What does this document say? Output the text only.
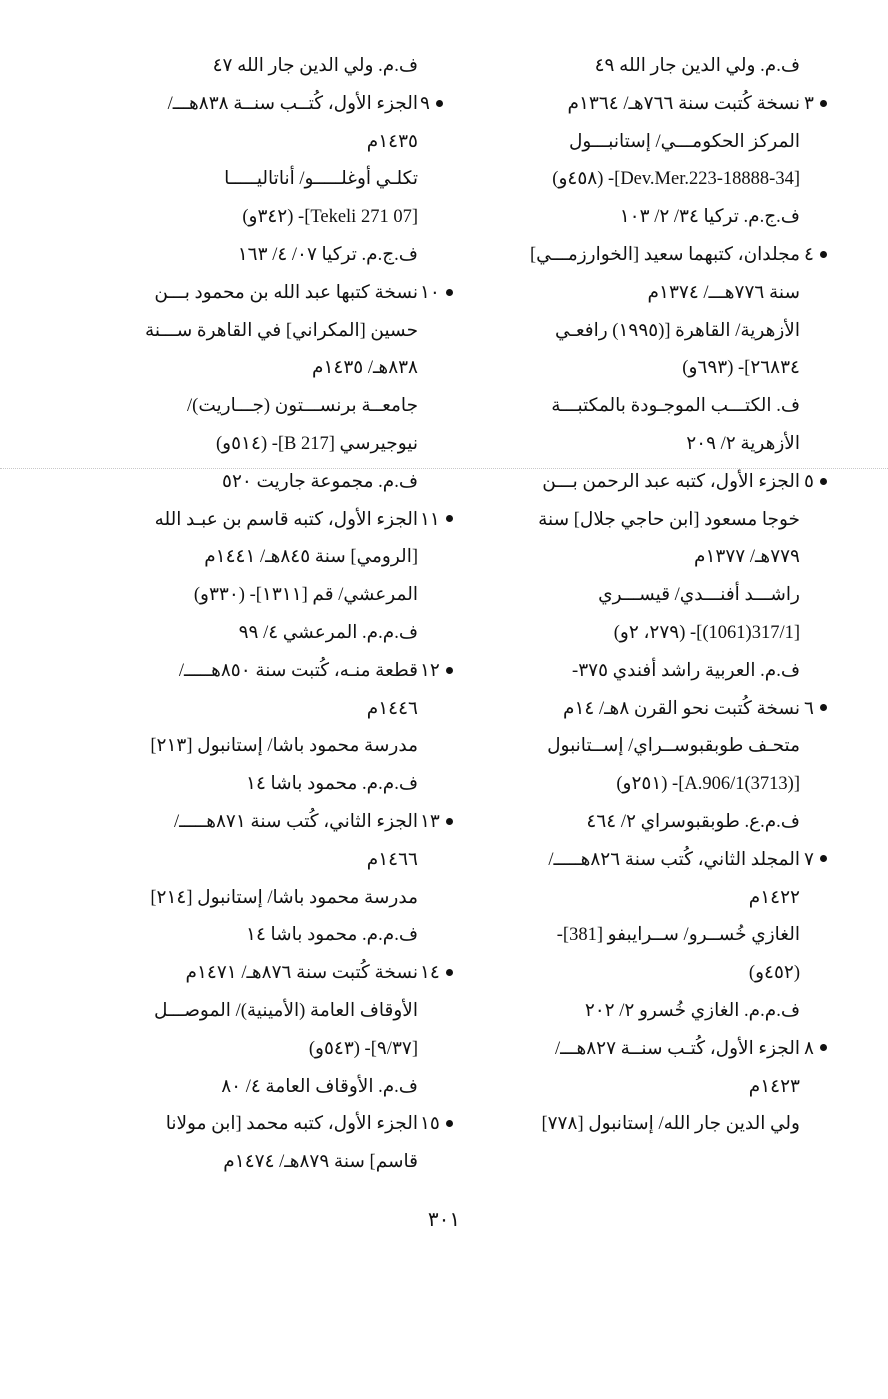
ف.م. ولي الدين جار الله ٤٩
٣
نسخة كُتبت سنة ٧٦٦هـ/ ١٣٦٤م
المركز الحكومـــي/ إستانبـــول
[34-Dev.Mer.223-18888]- (٤٥٨و)
ف.ج.م. تركيا ٣٤/ ٢/ ١٠٣
٤
مجلدان، كتبهما سعيد [الخوارزمـــي]
سنة ٧٧٦هـــ/ ١٣٧٤م
الأزهرية/ القاهرة [(١٩٩٥) رافعـي
٢٦٨٣٤]- (٦٩٣و)
ف. الكتـــب الموجـودة بالمكتبـــة
الأزهرية ٢/ ٢٠٩
٥
الجزء الأول، كتبه عبد الرحمن بـــن
خوجا مسعود [ابن حاجي جلال] سنة
٧٧٩هـ/ ١٣٧٧م
راشـــد أفنـــدي/ قيســـري
[317/1(1061)]- (٢٧٩، ٢و)
ف.م. العربية راشد أفندي ٣٧٥-
٦
نسخة كُتبت نحو القرن ٨هـ/ ١٤م
متحـف طوبقبوســراي/ إســتانبول
[A.906/1(3713)]- (٢٥١و)
ف.م.ع. طوبقبوسراي ٢/ ٤٦٤
٧
المجلد الثاني، كُتب سنة ٨٢٦هـــــ/
١٤٢٢م
الغازي خُســرو/ ســرايبفو [381]-
(٤٥٢و)
ف.م.م. الغازي خُسرو ٢/ ٢٠٢
٨
الجزء الأول، كُتـب سنــة ٨٢٧هـــ/
١٤٢٣م
ولي الدين جار الله/ إستانبول [٧٧٨]
ف.م. ولي الدين جار الله ٤٧
٩
الجزء الأول، كُتــب سنــة ٨٣٨هـــ/
١٤٣٥م
تكلـي أوغلـــــو/ أناتاليـــــا
[07 Tekeli 271]- (٣٤٢و)
ف.ج.م. تركيا ٠٧/ ٤/ ١٦٣
١٠
نسخة كتبها عبد الله بن محمود بـــن
حسين [المكراني] في القاهرة ســـنة
٨٣٨هـ/ ١٤٣٥م
جامعــة برنســـتون (جـــاريت)/
نيوجيرسي [217 B]- (٥١٤و)
ف.م. مجموعة جاريت ٥٢٠
١١
الجزء الأول، كتبه قاسم بن عبـد الله
[الرومي] سنة ٨٤٥هـ/ ١٤٤١م
المرعشي/ قم [١٣١١]- (٣٣٠و)
ف.م.م. المرعشي ٤/ ٩٩
١٢
قطعة منـه، كُتبت سنة ٨٥٠هـــــ/
١٤٤٦م
مدرسة محمود باشا/ إستانبول [٢١٣]
ف.م.م. محمود باشا ١٤
١٣
الجزء الثاني، كُتب سنة ٨٧١هـــــ/
١٤٦٦م
مدرسة محمود باشا/ إستانبول [٢١٤]
ف.م.م. محمود باشا ١٤
١٤
نسخة كُتبت سنة ٨٧٦هـ/ ١٤٧١م
الأوقاف العامة (الأمينية)/ الموصـــل
[٩/٣٧]- (٥٤٣و)
ف.م. الأوقاف العامة ٤/ ٨٠
١٥
الجزء الأول، كتبه محمد [ابن مولانا
قاسم] سنة ٨٧٩هـ/ ١٤٧٤م
٣٠١
